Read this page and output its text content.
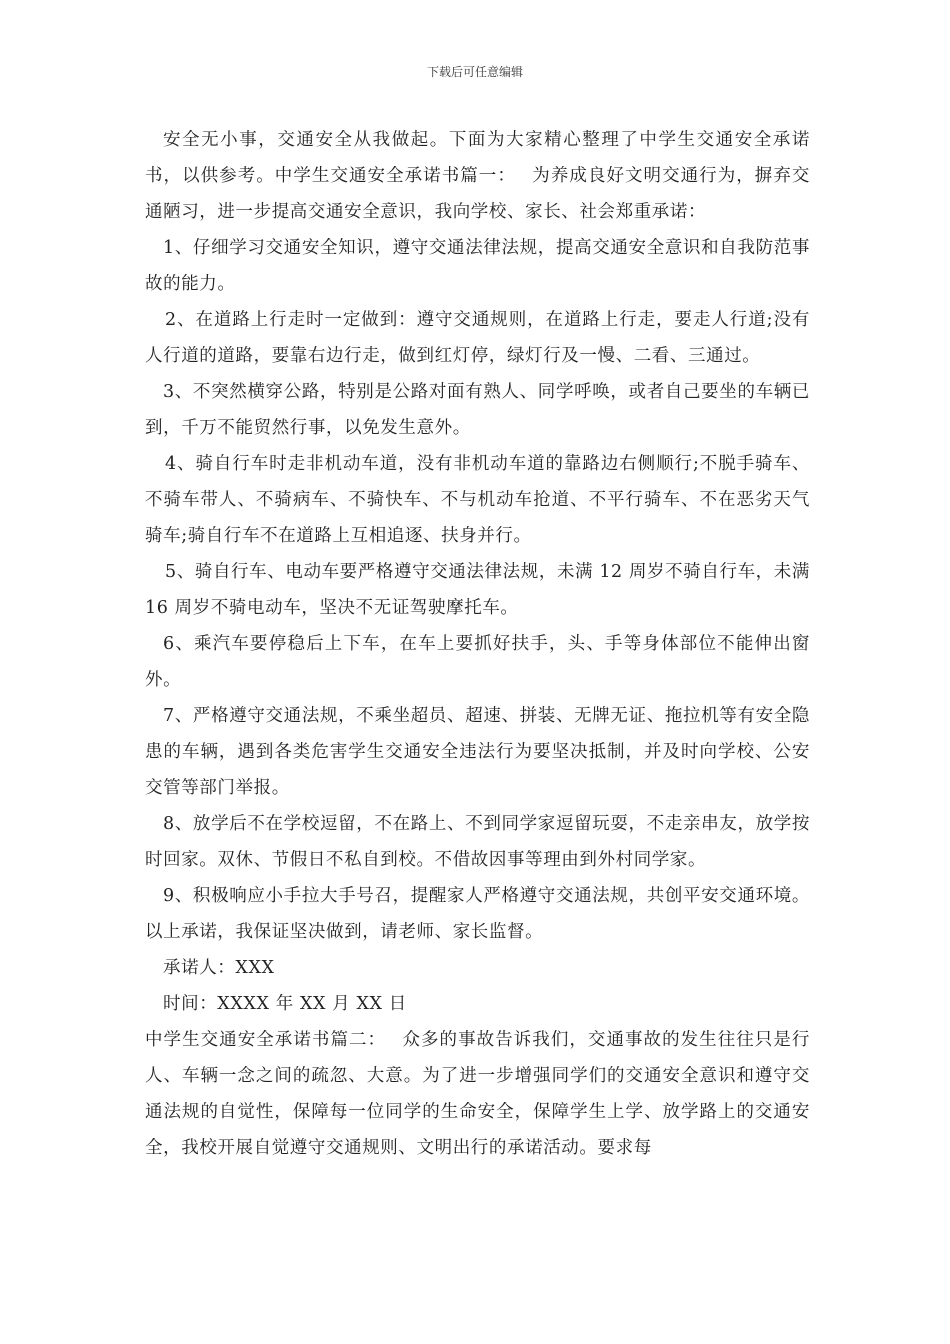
下载后可任意编辑

安全无小事，交通安全从我做起。下面为大家精心整理了中学生交通安全承诺书，以供参考。中学生交通安全承诺书篇一：　 为养成良好文明交通行为，摒弃交通陋习，进一步提高交通安全意识，我向学校、家长、社会郑重承诺：

1、仔细学习交通安全知识，遵守交通法律法规，提高交通安全意识和自我防范事故的能力。

2、在道路上行走时一定做到：遵守交通规则，在道路上行走，要走人行道;没有人行道的道路，要靠右边行走，做到红灯停，绿灯行及一慢、二看、三通过。

3、不突然横穿公路，特别是公路对面有熟人、同学呼唤，或者自己要坐的车辆已到，千万不能贸然行事，以免发生意外。

4、骑自行车时走非机动车道，没有非机动车道的靠路边右侧顺行;不脱手骑车、不骑车带人、不骑病车、不骑快车、不与机动车抢道、不平行骑车、不在恶劣天气骑车;骑自行车不在道路上互相追逐、扶身并行。

5、骑自行车、电动车要严格遵守交通法律法规，未满 12 周岁不骑自行车，未满 16 周岁不骑电动车，坚决不无证驾驶摩托车。

6、乘汽车要停稳后上下车，在车上要抓好扶手，头、手等身体部位不能伸出窗外。

7、严格遵守交通法规，不乘坐超员、超速、拼装、无牌无证、拖拉机等有安全隐患的车辆，遇到各类危害学生交通安全违法行为要坚决抵制，并及时向学校、公安交管等部门举报。

8、放学后不在学校逗留，不在路上、不到同学家逗留玩耍，不走亲串友，放学按时回家。双休、节假日不私自到校。不借故因事等理由到外村同学家。

9、积极响应小手拉大手号召，提醒家人严格遵守交通法规，共创平安交通环境。 以上承诺，我保证坚决做到，请老师、家长监督。

承诺人：XXX

时间：XXXX 年 XX 月 XX 日

中学生交通安全承诺书篇二：　 众多的事故告诉我们，交通事故的发生往往只是行人、车辆一念之间的疏忽、大意。为了进一步增强同学们的交通安全意识和遵守交通法规的自觉性，保障每一位同学的生命安全，保障学生上学、放学路上的交通安全，我校开展自觉遵守交通规则、文明出行的承诺活动。要求每
